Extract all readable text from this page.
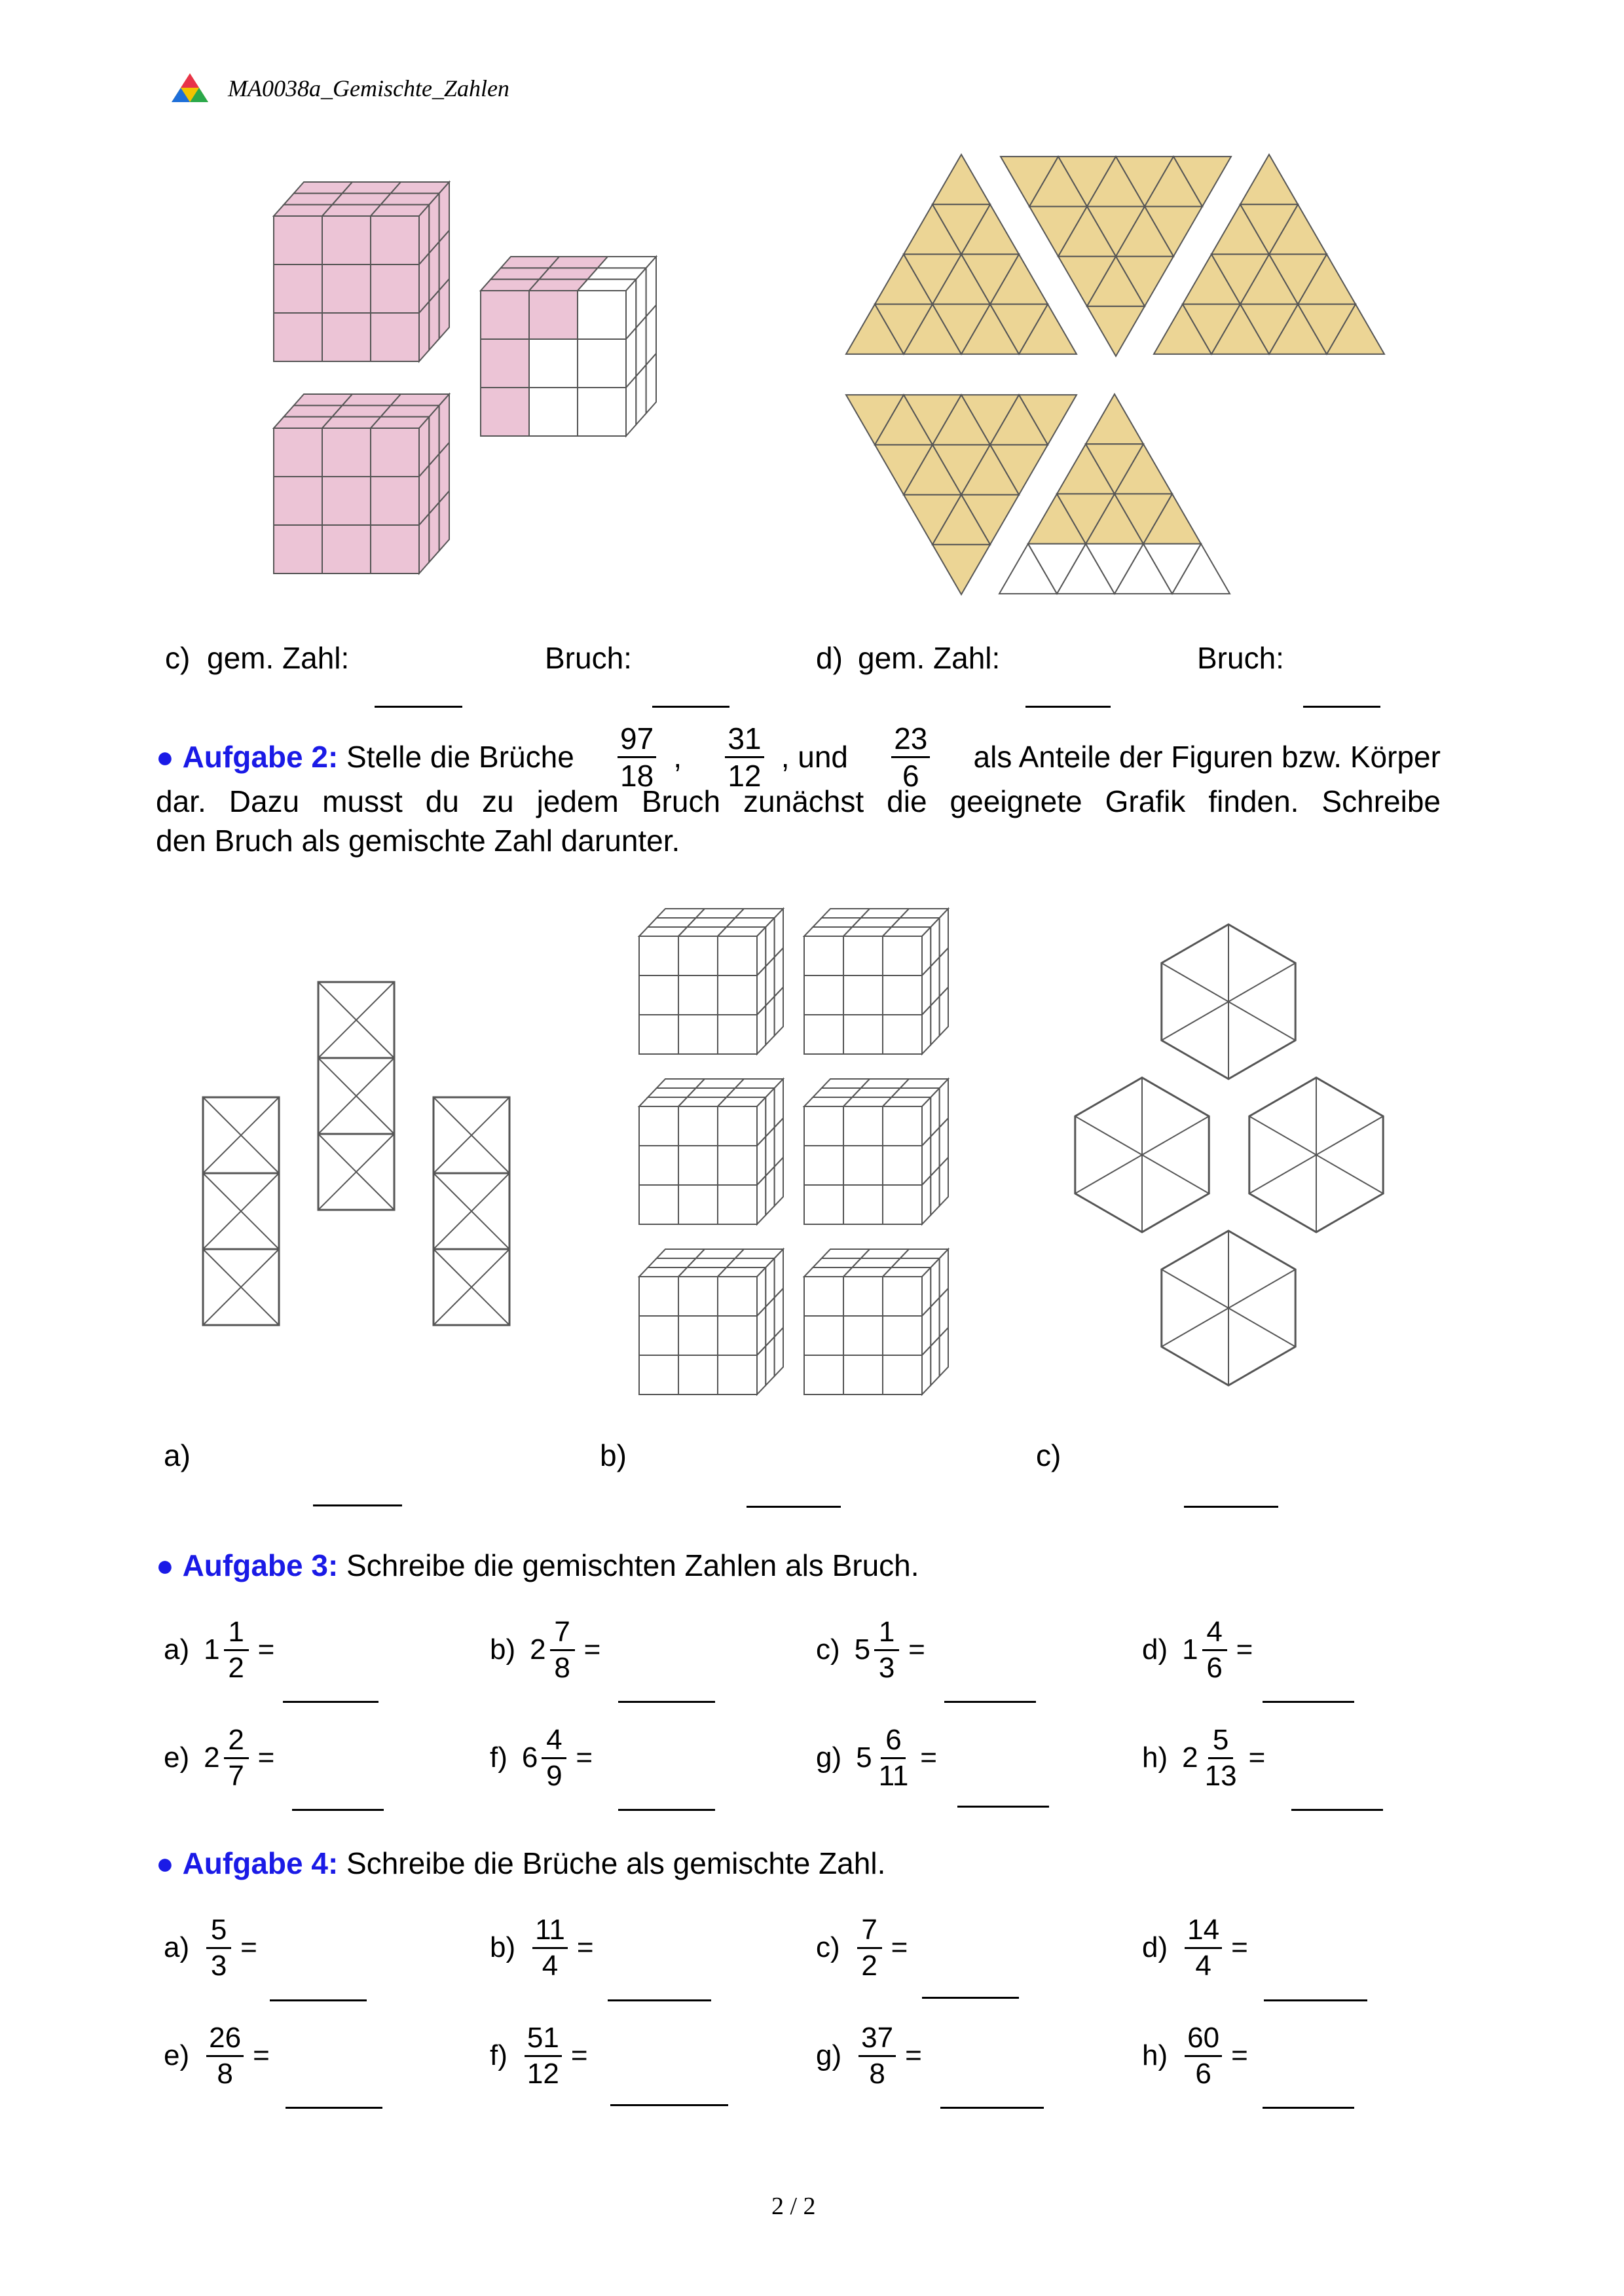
MA0038a_Gemischte_Zahlen
c) gem. Zahl:	Bruch:	d) gem. Zahl:	Bruch:
● Aufgabe 2: Stelle die Brüche $\frac{97}{18}$ , $\frac{31}{12}$ , und $\frac{23}{6}$ als Anteile der Figuren bzw. Körper
dar. Dazu musst du zu jedem Bruch zunächst die geeignete Grafik finden. Schreibe
den Bruch als gemischte Zahl darunter.
a)	b)	c)
● Aufgabe 3: Schreibe die gemischten Zahlen als Bruch.
a) $1 \frac{1}{2}$ =	b) $2 \frac{7}{8}$ =	c) $5 \frac{1}{3}$ =	d) $1 \frac{4}{6}$ =
e) $2 \frac{2}{7}$ =	f) $6 \frac{4}{9}$ =	g) $5 \frac{6}{11}$ =	h) $2 \frac{5}{13}$ =
● Aufgabe 4: Schreibe die Brüche als gemischte Zahl.
$a) \frac{5}{3}$ =	$b) \frac{11}{4}$ =	$c) \frac{7}{2}$ =	$d) \frac{14}{4}$ =
$e) \frac{26}{8}$ =	$f) \frac{51}{12}$ =	$g) \frac{37}{8}$ =	$h) \frac{60}{6}$ =
2 / 2
